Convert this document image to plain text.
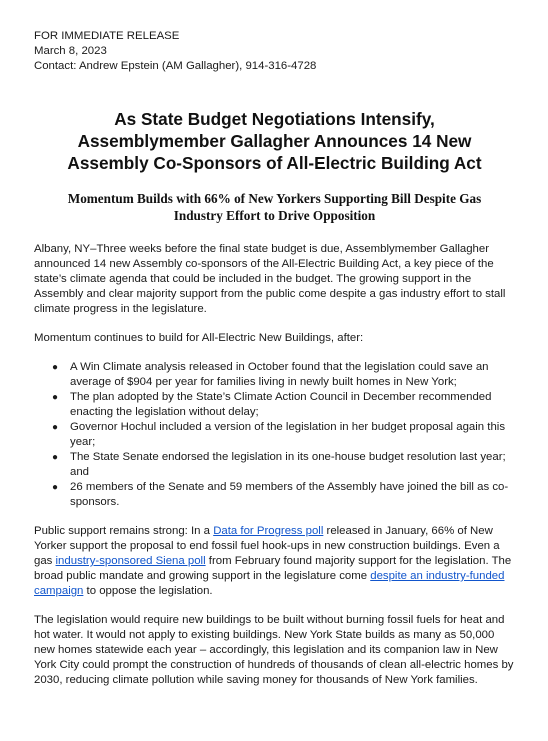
FOR IMMEDIATE RELEASE
March 8, 2023
Contact: Andrew Epstein (AM Gallagher), 914-316-4728
As State Budget Negotiations Intensify,
Assemblymember Gallagher Announces 14 New
Assembly Co-Sponsors of All-Electric Building Act
Momentum Builds with 66% of New Yorkers Supporting Bill Despite Gas Industry Effort to Drive Opposition

Albany, NY–Three weeks before the final state budget is due, Assemblymember Gallagher announced 14 new Assembly co-sponsors of the All-Electric Building Act, a key piece of the state’s climate agenda that could be included in the budget. The growing support in the Assembly and clear majority support from the public come despite a gas industry effort to stall climate progress in the legislature.

Momentum continues to build for All-Electric New Buildings, after:

● A Win Climate analysis released in October found that the legislation could save an average of $904 per year for families living in newly built homes in New York;
● The plan adopted by the State’s Climate Action Council in December recommended enacting the legislation without delay;
● Governor Hochul included a version of the legislation in her budget proposal again this year;
● The State Senate endorsed the legislation in its one-house budget resolution last year; and
● 26 members of the Senate and 59 members of the Assembly have joined the bill as co-sponsors.

Public support remains strong: In a Data for Progress poll released in January, 66% of New Yorker support the proposal to end fossil fuel hook-ups in new construction buildings. Even a gas industry-sponsored Siena poll from February found majority support for the legislation. The broad public mandate and growing support in the legislature come despite an industry-funded campaign to oppose the legislation.

The legislation would require new buildings to be built without burning fossil fuels for heat and hot water. It would not apply to existing buildings. New York State builds as many as 50,000 new homes statewide each year – accordingly, this legislation and its companion law in New York City could prompt the construction of hundreds of thousands of clean all-electric homes by 2030, reducing climate pollution while saving money for thousands of New York families.
